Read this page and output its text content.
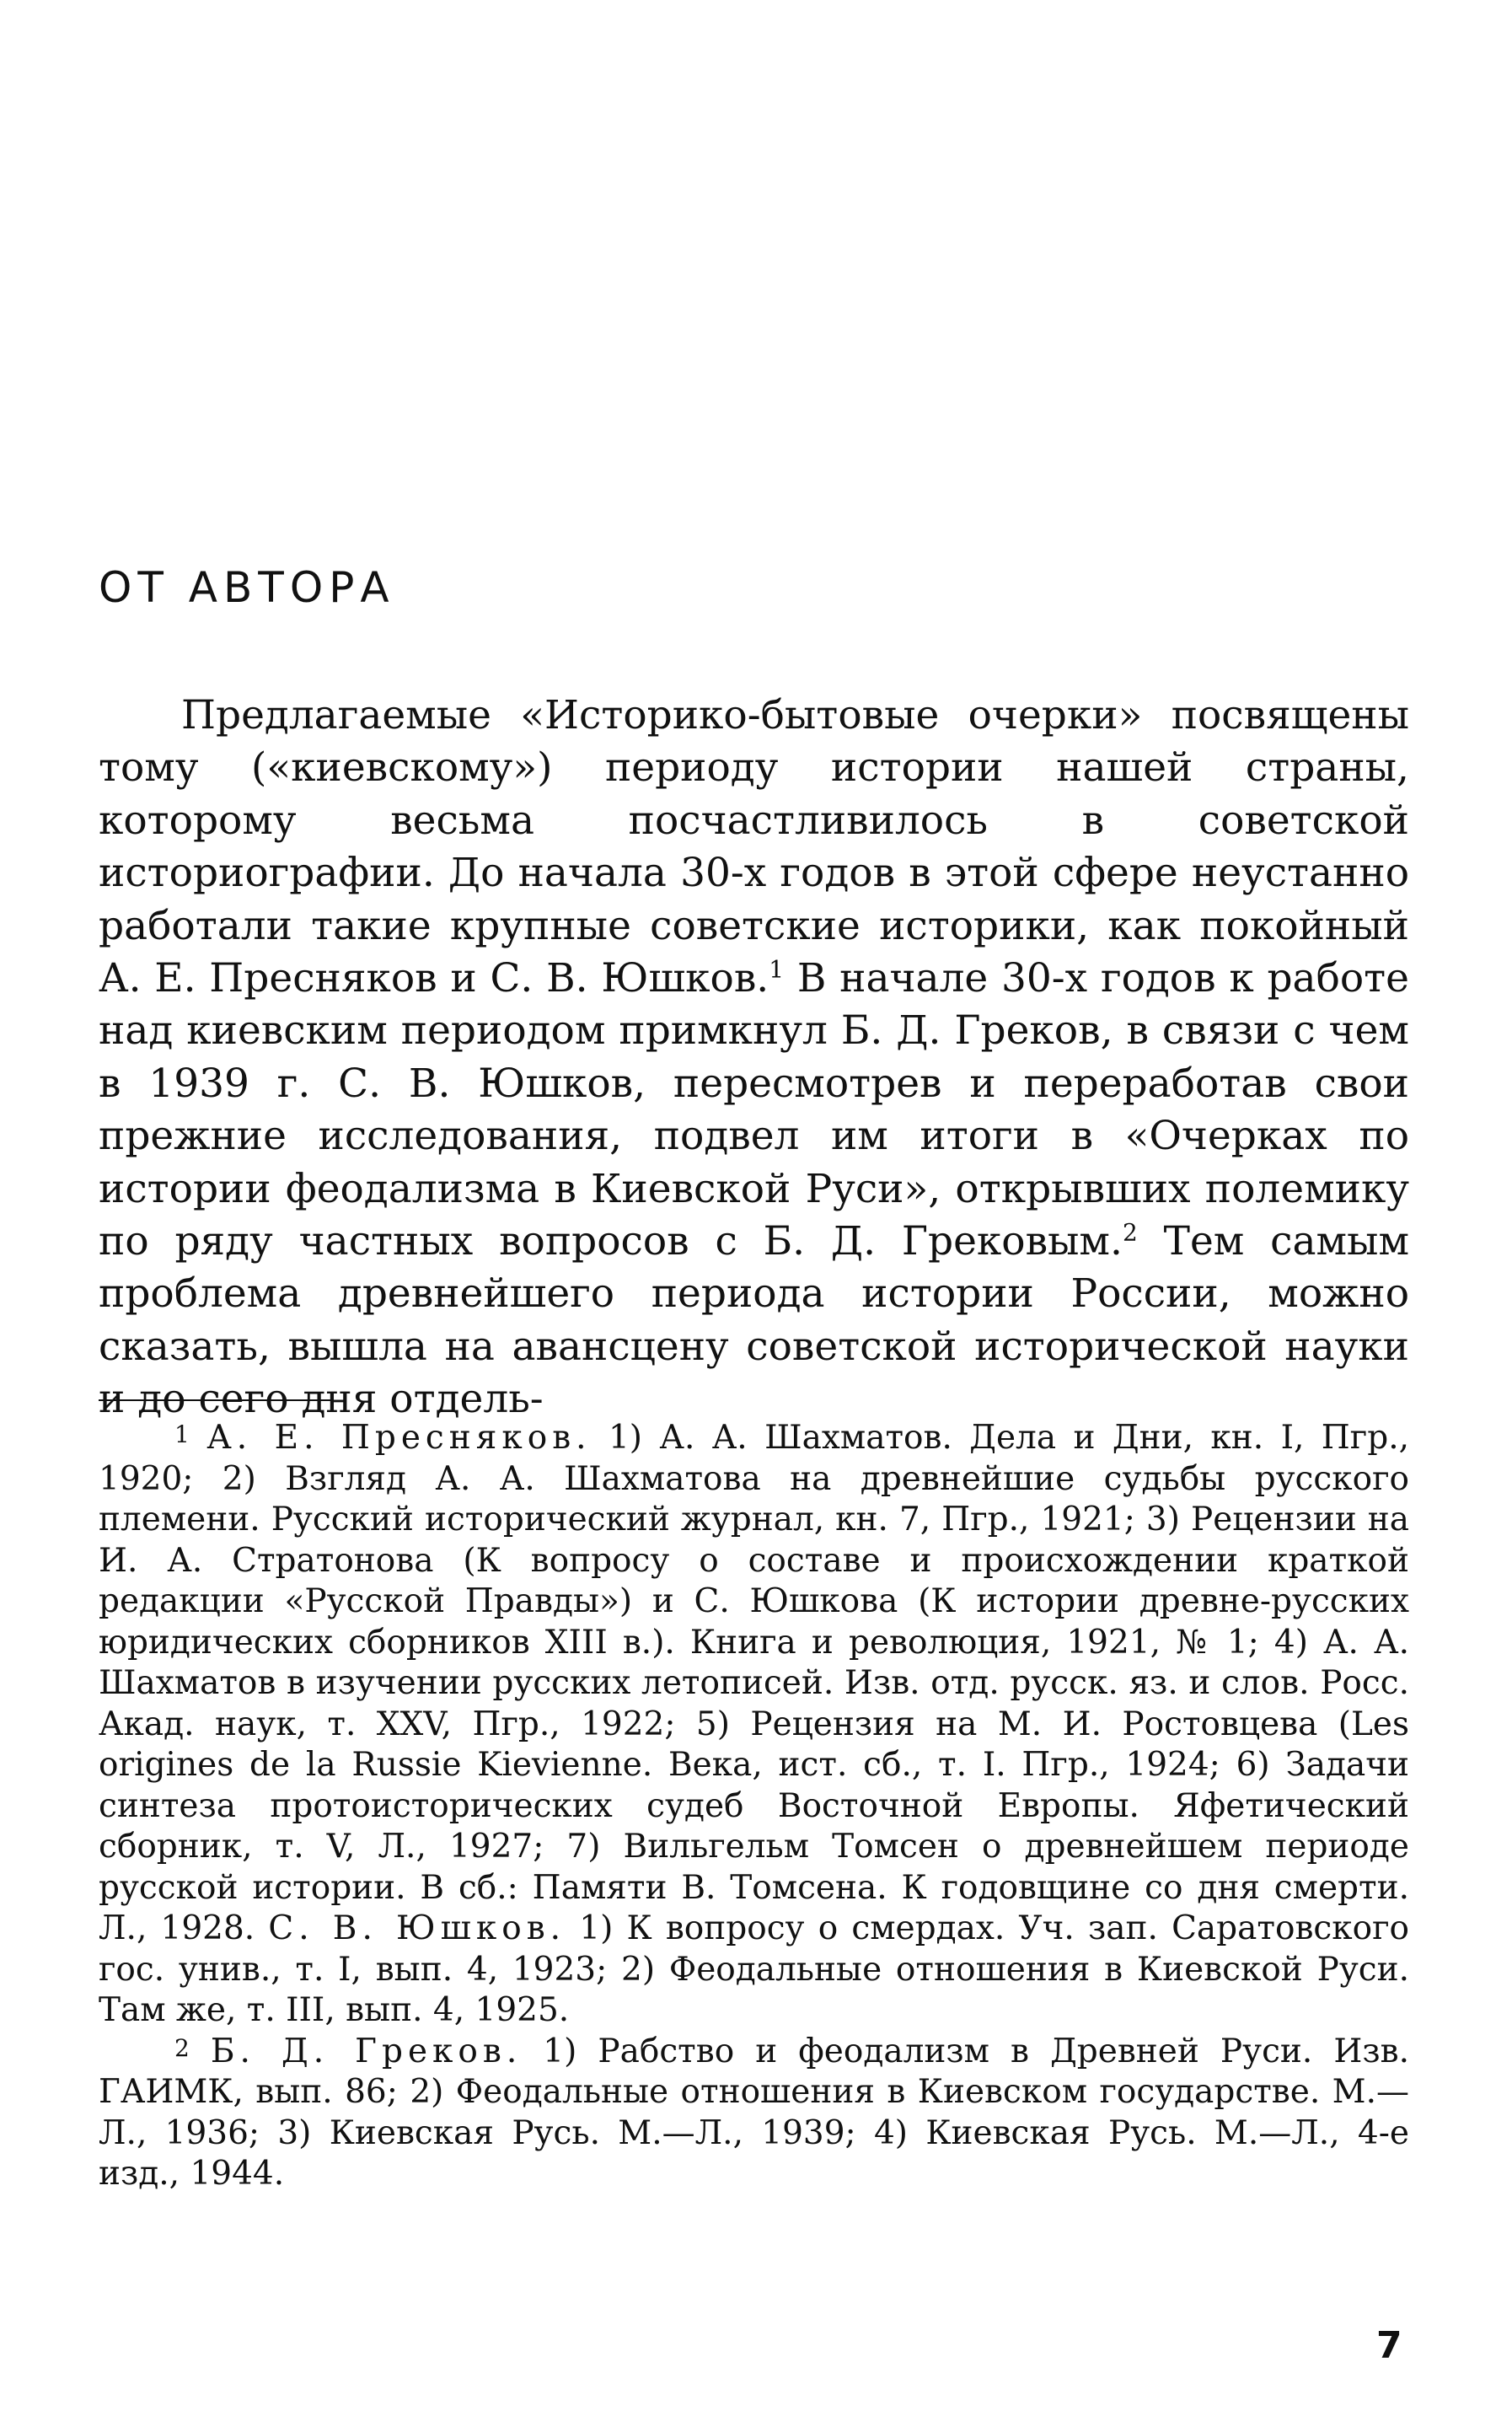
ОТ АВТОРА

Предлагаемые «Историко-бытовые очерки» посвящены тому («киевскому») периоду истории нашей страны, которому весьма посчастливилось в советской историографии. До начала 30-х годов в этой сфере неустанно работали такие крупные советские историки, как покойный А. Е. Пресняков и С. В. Юшков.$^1$ В начале 30-х годов к работе над киевским периодом примкнул Б. Д. Греков, в связи с чем в 1939 г. С. В. Юшков, пересмотрев и переработав свои прежние исследования, подвел им итоги в «Очерках по истории феодализма в Киевской Руси», открывших полемику по ряду частных вопросов с Б. Д. Грековым.$^2$ Тем самым проблема древнейшего периода истории России, можно сказать, вышла на авансцену советской исторической науки и до сего дня отдель-

$^1$ А. Е. Пресняков. 1) А. А. Шахматов. Дела и Дни, кн. I, Пгр., 1920; 2) Взгляд А. А. Шахматова на древнейшие судьбы русского племени. Русский исторический журнал, кн. 7, Пгр., 1921; 3) Рецензии на И. А. Стратонова (К вопросу о составе и происхождении краткой редакции «Русской Правды») и С. Юшкова (К истории древне-русских юридических сборников XIII в.). Книга и революция, 1921, № 1; 4) А. А. Шахматов в изучении русских летописей. Изв. отд. русск. яз. и слов. Росс. Акад. наук, т. XXV, Пгр., 1922; 5) Рецензия на М. И. Ростовцева (Les origines de la Russie Kievienne. Века, ист. сб., т. I. Пгр., 1924; 6) Задачи синтеза протоисторических судеб Восточной Европы. Яфетический сборник, т. V, Л., 1927; 7) Вильгельм Томсен о древнейшем периоде русской истории. В сб.: Памяти В. Томсена. К годовщине со дня смерти. Л., 1928. С. В. Юшков. 1) К вопросу о смердах. Уч. зап. Саратовского гос. унив., т. I, вып. 4, 1923; 2) Феодальные отношения в Киевской Руси. Там же, т. III, вып. 4, 1925.

$^2$ Б. Д. Греков. 1) Рабство и феодализм в Древней Руси. Изв. ГАИМК, вып. 86; 2) Феодальные отношения в Киевском государстве. М.—Л., 1936; 3) Киевская Русь. М.—Л., 1939; 4) Киевская Русь. М.—Л., 4-е изд., 1944.

7
